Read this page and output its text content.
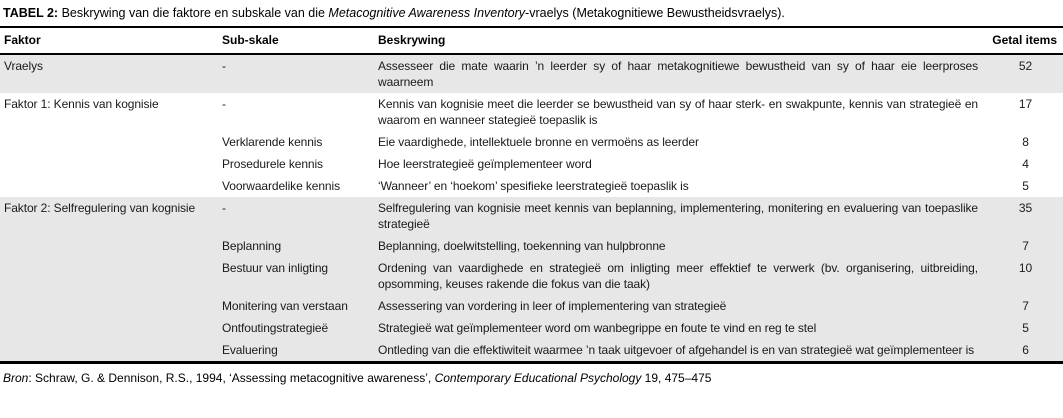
TABEL 2: Beskrywing van die faktore en subskale van die Metacognitive Awareness Inventory-vraelys (Metakognitiewe Bewustheidsvraelys).
Faktor	Sub-skale	Beskrywing	Getal items
Vraelys	-	Assesseer die mate waarin ’n leerder sy of haar metakognitiewe bewustheid van sy of haar eie leerproses waarneem	52
Faktor 1: Kennis van kognisie	-	Kennis van kognisie meet die leerder se bewustheid van sy of haar sterk- en swakpunte, kennis van strategieë en waarom en wanneer stategieë toepaslik is	17
	Verklarende kennis	Eie vaardighede, intellektuele bronne en vermoëns as leerder	8
	Prosedurele kennis	Hoe leerstrategieë geïmplementeer word	4
	Voorwaardelike kennis	‘Wanneer’ en ‘hoekom’ spesifieke leerstrategieë toepaslik is	5
Faktor 2: Selfregulering van kognisie	-	Selfregulering van kognisie meet kennis van beplanning, implementering, monitering en evaluering van toepaslike strategieë	35
	Beplanning	Beplanning, doelwitstelling, toekenning van hulpbronne	7
	Bestuur van inligting	Ordening van vaardighede en strategieë om inligting meer effektief te verwerk (bv. organisering, uitbreiding, opsomming, keuses rakende die fokus van die taak)	10
	Monitering van verstaan	Assessering van vordering in leer of implementering van strategieë	7
	Ontfoutingstrategieë	Strategieë wat geïmplementeer word om wanbegrippe en foute te vind en reg te stel	5
	Evaluering	Ontleding van die effektiwiteit waarmee ’n taak uitgevoer of afgehandel is en van strategieë wat geïmplementeer is	6
Bron: Schraw, G. & Dennison, R.S., 1994, ‘Assessing metacognitive awareness’, Contemporary Educational Psychology 19, 475–475
